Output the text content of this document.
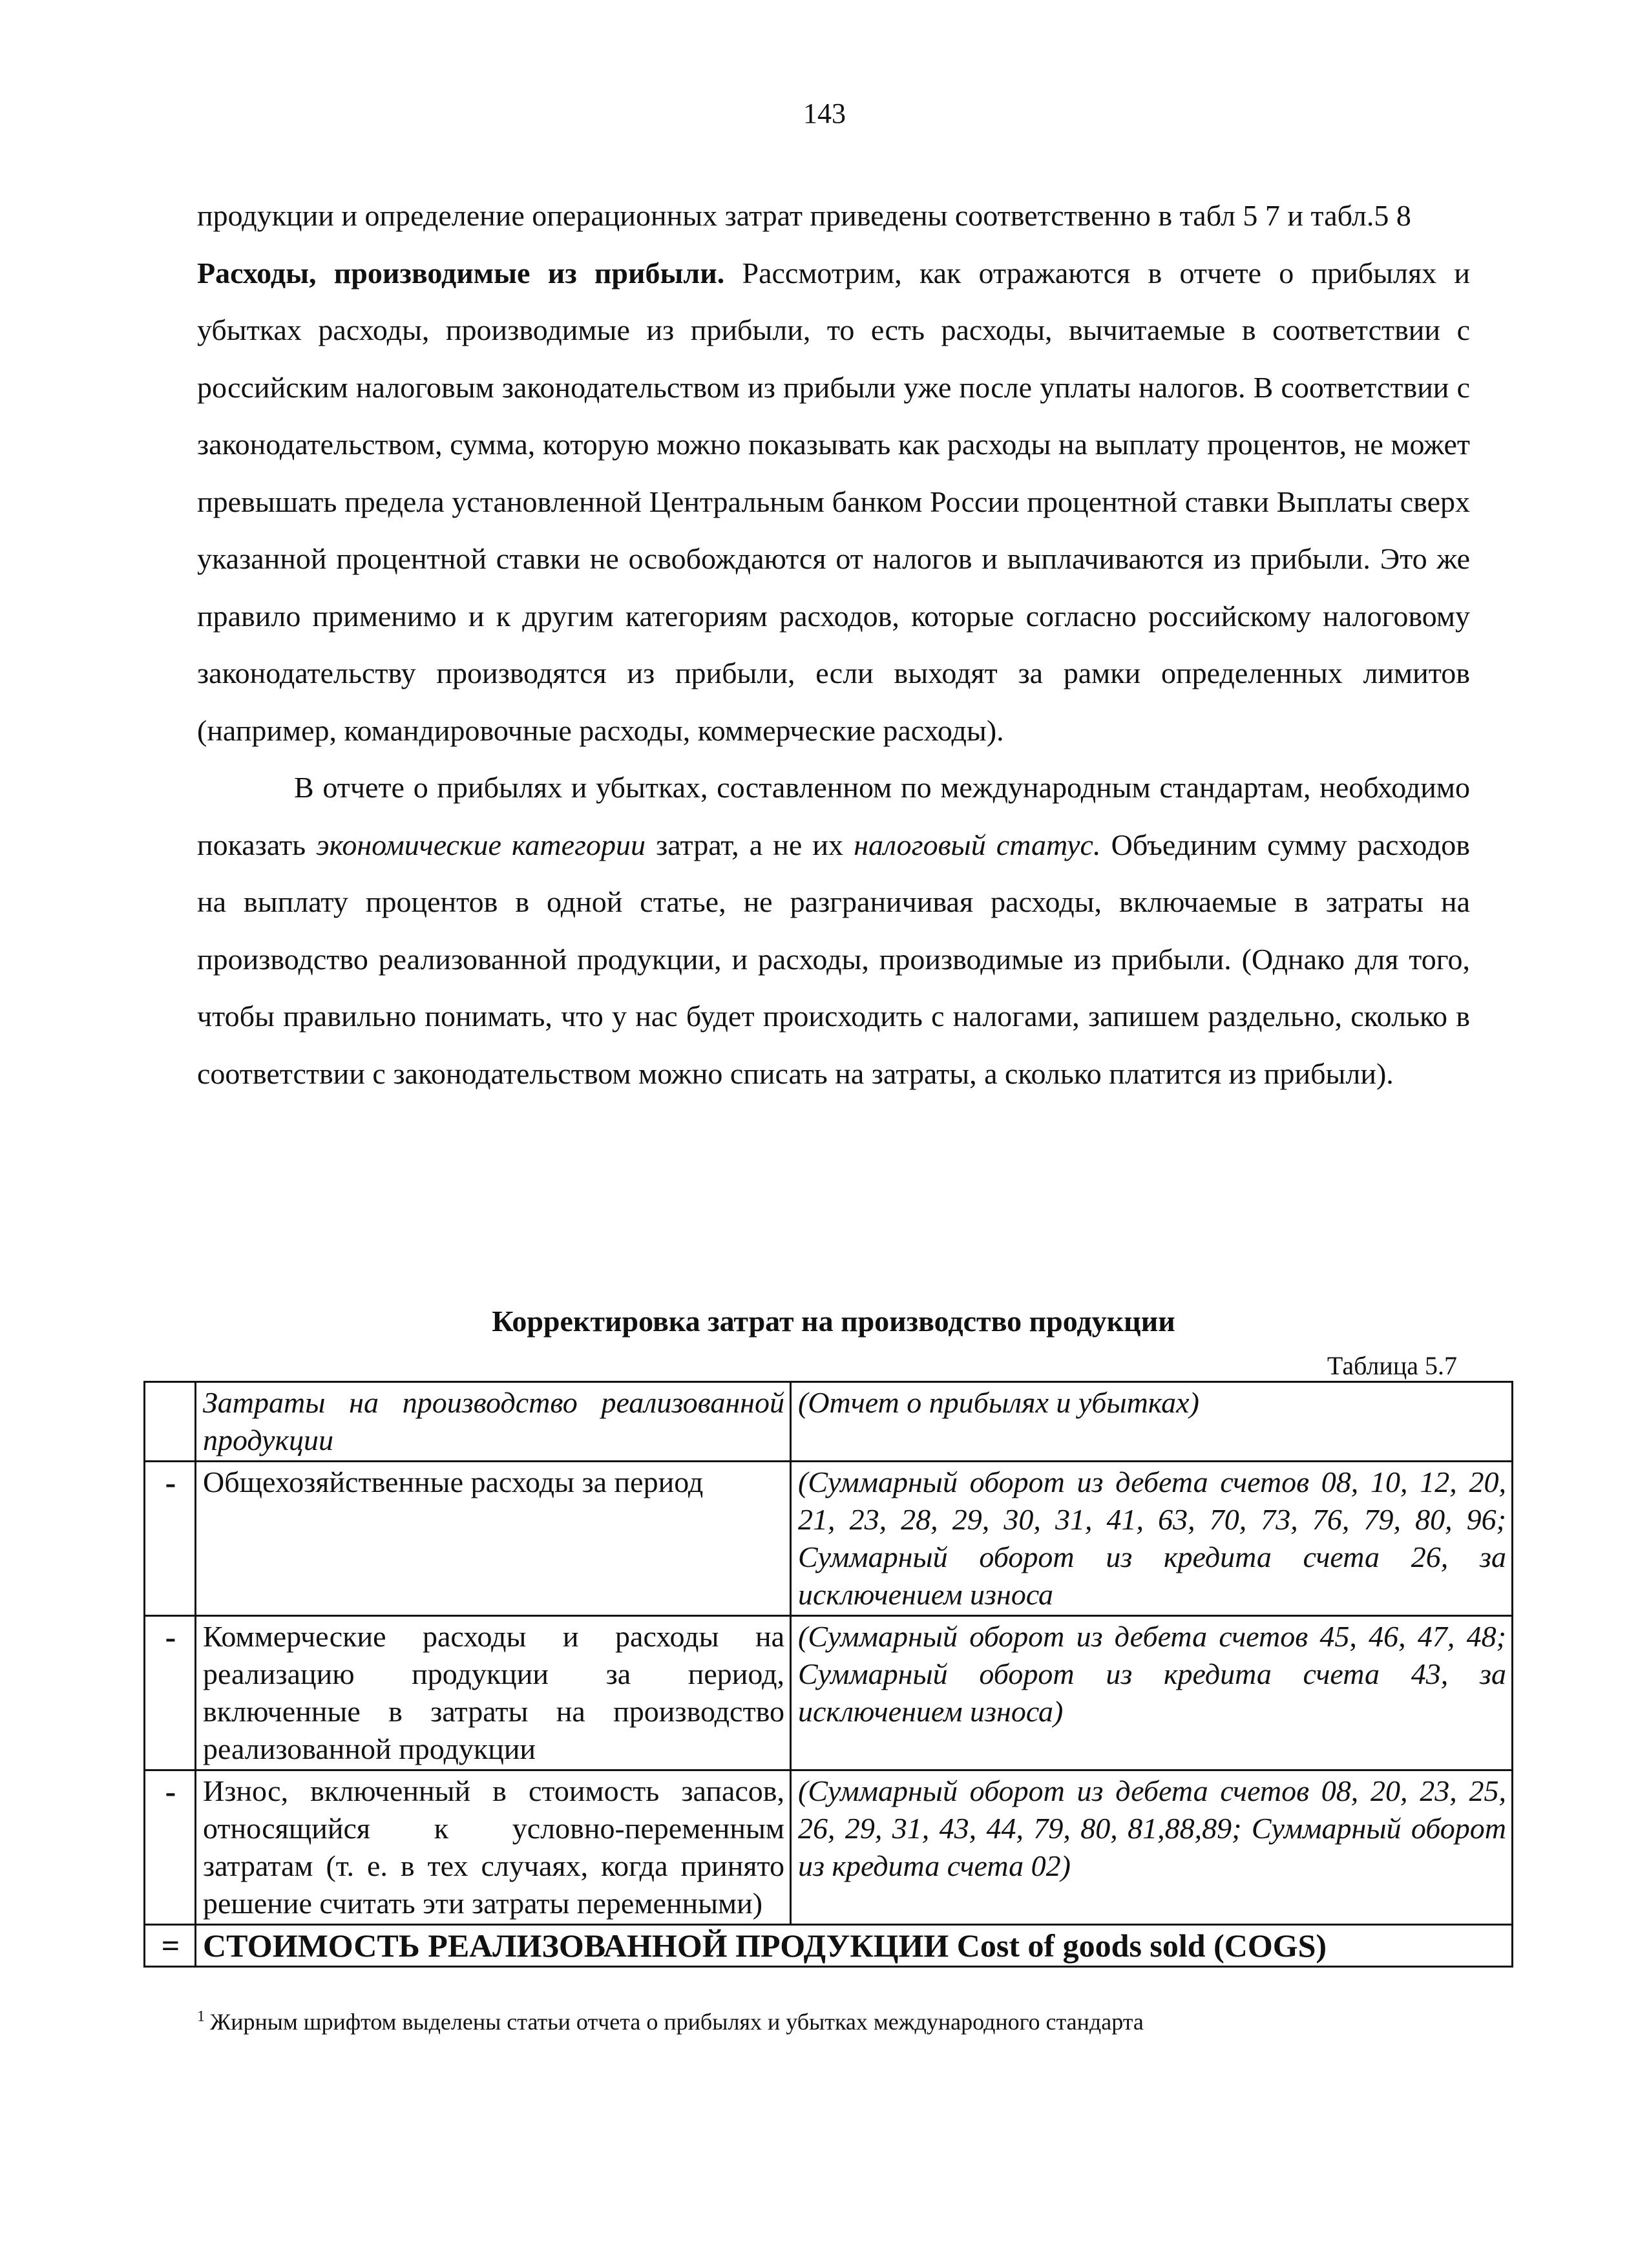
143

продукции и определение операционных затрат приведены соответственно в табл 5 7 и табл.5 8

Расходы, производимые из прибыли. Рассмотрим, как отражаются в отчете о прибылях и убытках расходы, производимые из прибыли, то есть расходы, вычитаемые в соответствии с российским налоговым законодательством из прибыли уже после уплаты налогов. В соответствии с законодательством, сумма, которую можно показывать как расходы на выплату процентов, не может превышать предела установленной Центральным банком России процентной ставки Выплаты сверх указанной процентной ставки не освобождаются от налогов и выплачиваются из прибыли. Это же правило применимо и к другим категориям расходов, которые согласно российскому налоговому законодательству производятся из прибыли, если выходят за рамки определенных лимитов (например, командировочные расходы, коммерческие расходы).

В отчете о прибылях и убытках, составленном по международным стандартам, необходимо показать экономические категории затрат, а не их налоговый статус. Объединим сумму расходов на выплату процентов в одной статье, не разграничивая расходы, включаемые в затраты на производство реализованной продукции, и расходы, производимые из прибыли. (Однако для того, чтобы правильно понимать, что у нас будет происходить с налогами, запишем раздельно, сколько в соответствии с законодательством можно списать на затраты, а сколько платится из прибыли).

Корректировка затрат на производство продукции
Таблица 5.7
	Затраты на производство реализованной продукции	(Отчет о прибылях и убытках)
-	Общехозяйственные расходы за период	(Суммарный оборот из дебета счетов 08, 10, 12, 20, 21, 23, 28, 29, 30, 31, 41, 63, 70, 73, 76, 79, 80, 96; Суммарный оборот из кредита счета 26, за исключением износа
-	Коммерческие расходы и расходы на реализацию продукции за период, включенные в затраты на производство реализованной продукции	(Суммарный оборот из дебета счетов 45, 46, 47, 48; Суммарный оборот из кредита счета 43, за исключением износа)
-	Износ, включенный в стоимость запасов, относящийся к условно-переменным затратам (т. е. в тех случаях, когда принято решение считать эти затраты переменными)	(Суммарный оборот из дебета счетов 08, 20, 23, 25, 26, 29, 31, 43, 44, 79, 80, 81,88,89; Суммарный оборот из кредита счета 02)
=	СТОИМОСТЬ РЕАЛИЗОВАННОЙ ПРОДУКЦИИ Cost of goods sold (COGS)	
$^1$ Жирным шрифтом выделены статьи отчета о прибылях и убытках международного стандарта
